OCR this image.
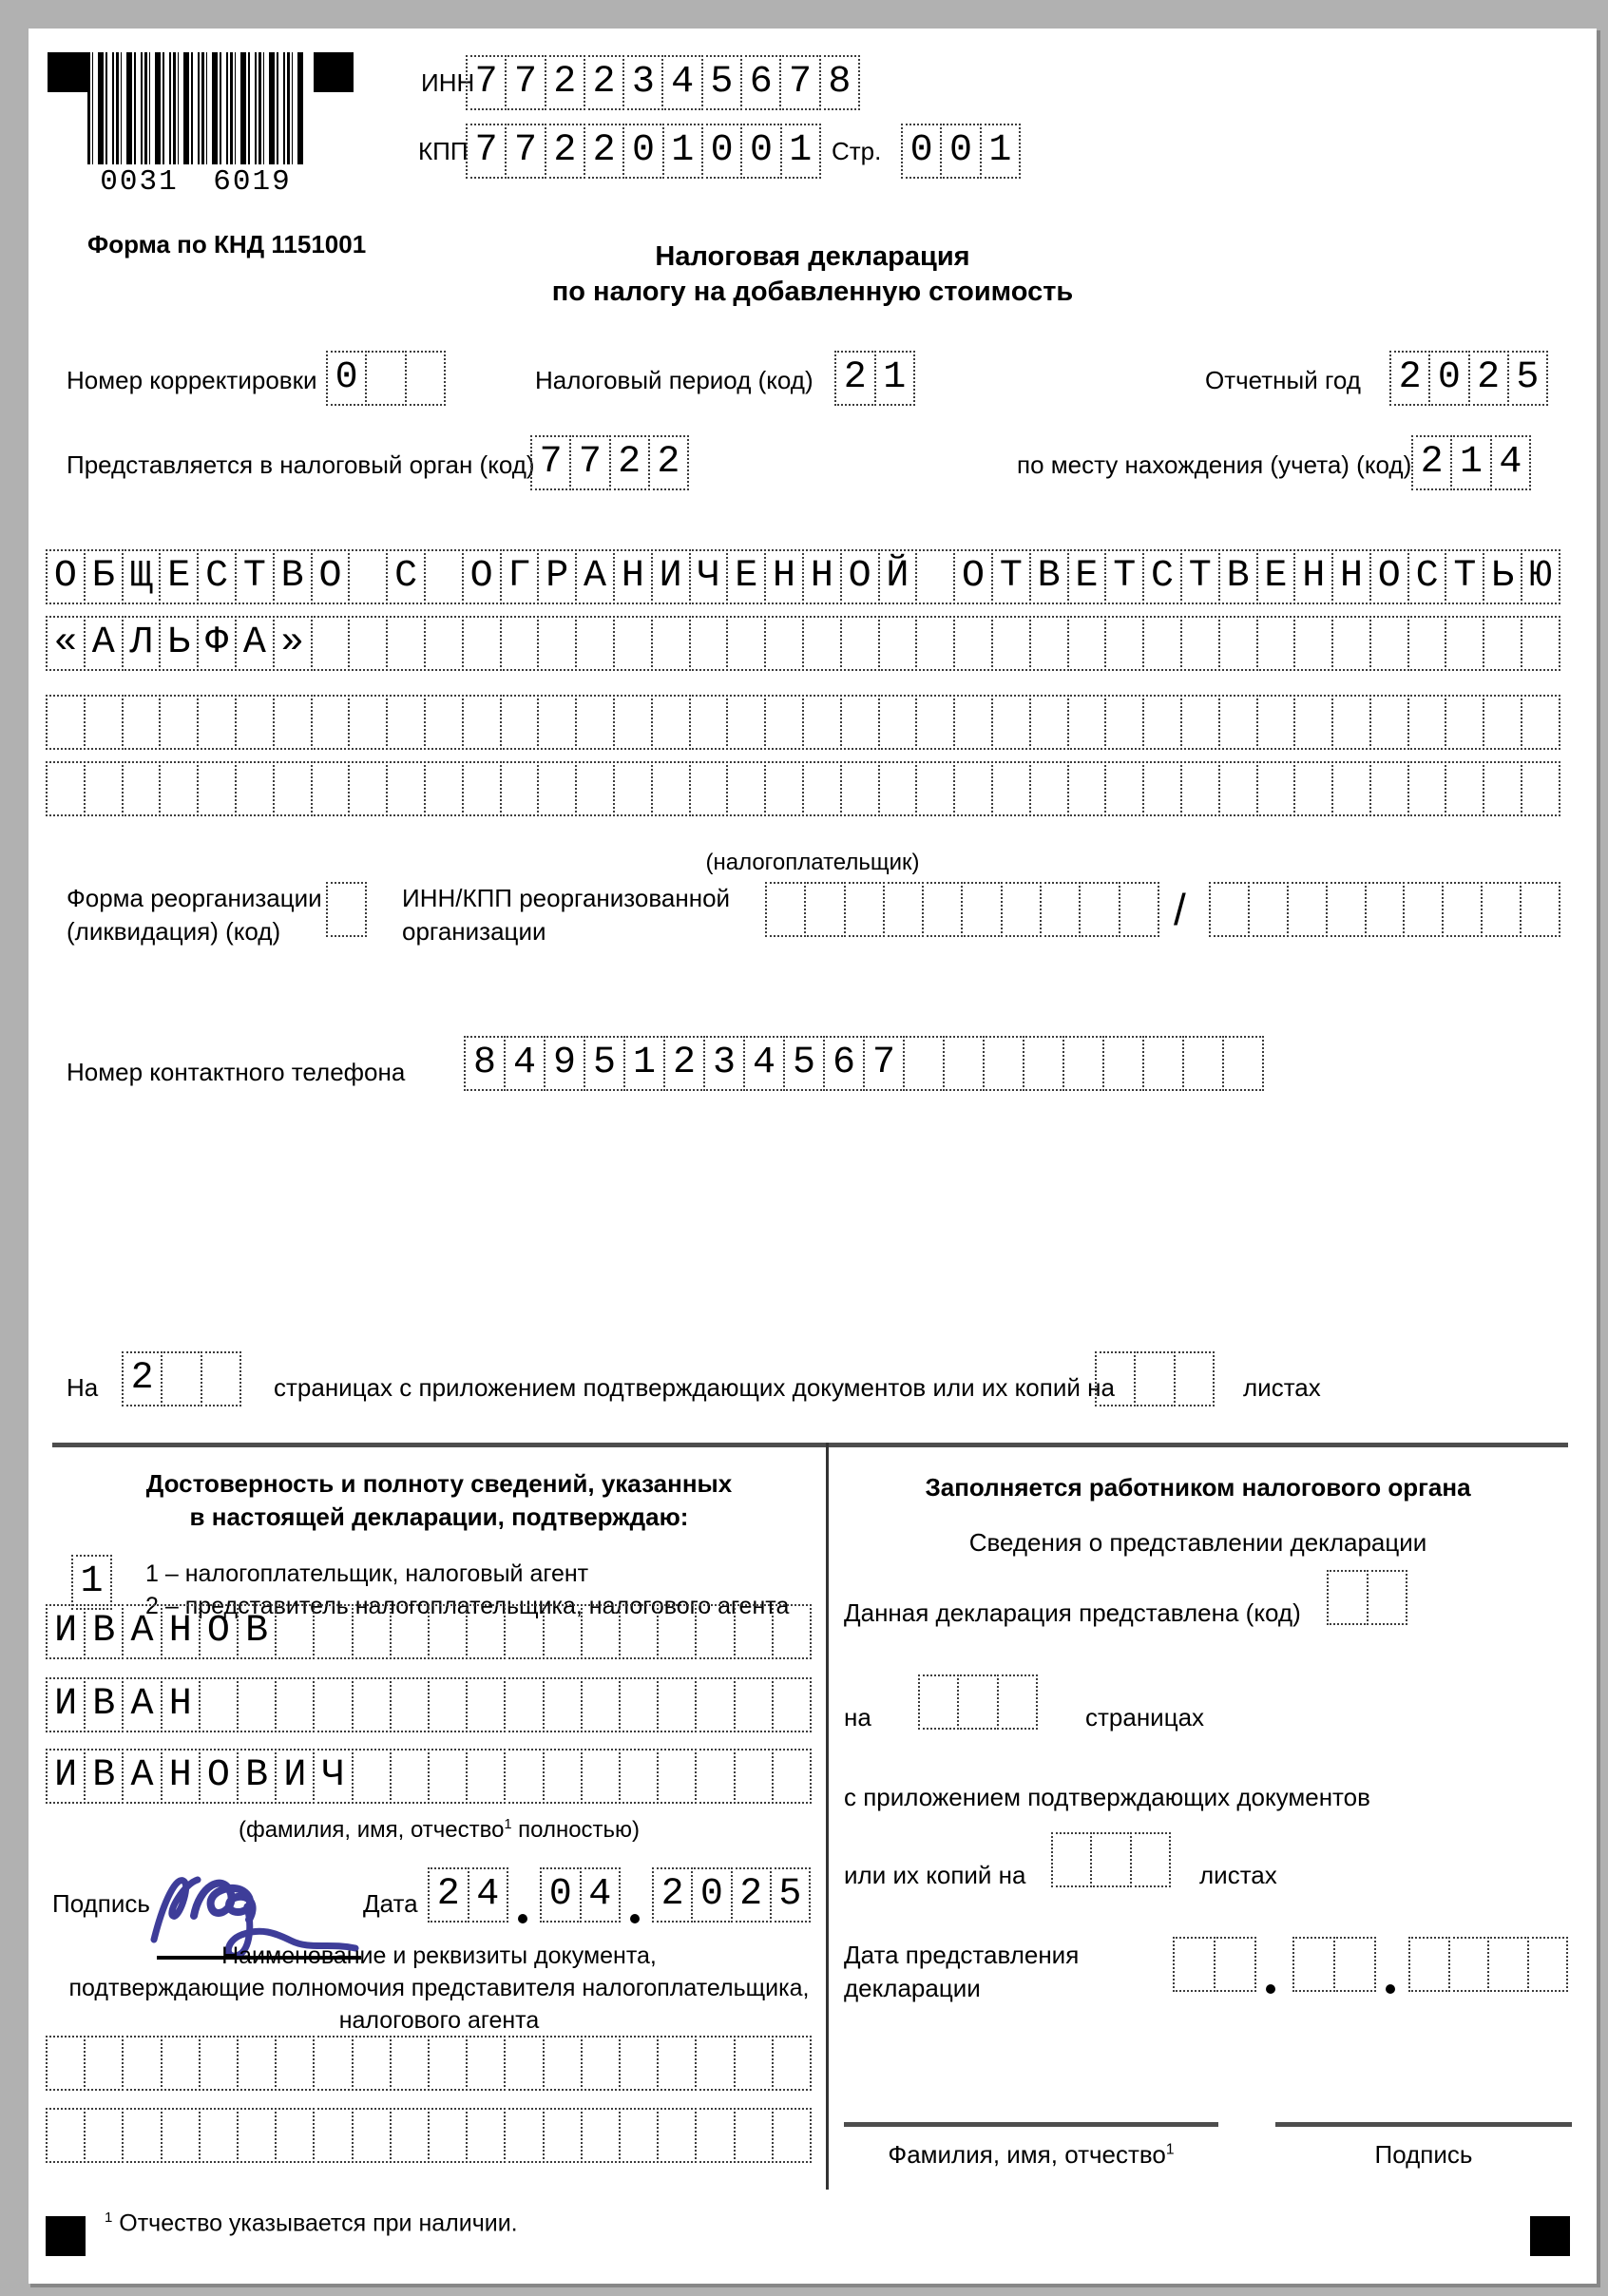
0031 6019
Форма по КНД 1151001
ИНН 7 7 2 2 3 4 5 6 7 8
КПП 7 7 2 2 0 1 0 0 1 Стр. 0 0 1
Налоговая декларация
по налогу на добавленную стоимость
Номер корректировки 0	Налоговый период (код) 2 1	Отчетный год 2 0 2 5
Представляется в налоговый орган (код) 7 7 2 2	по месту нахождения (учета) (код) 2 1 4
О Б Щ Е С Т В О С О Г Р А Н И Ч Е Н Н О Й О Т В Е Т С Т В Е Н Н О С Т Ь Ю
« А Л Ь Ф А »
(налогоплательщик)
Форма реорганизации
(ликвидация) (код)
ИНН/КПП реорганизованной
организации	/
Номер контактного телефона 8 4 9 5 1 2 3 4 5 6 7
На 2	страницах с приложением подтверждающих документов или их копий на	листах
Достоверность и полноту сведений, указанных
в настоящей декларации, подтверждаю:
1	1 – налогоплательщик, налоговый агент
2 – представитель налогоплательщика, налогового агента
И В А Н О В
И В А Н
И В А Н О В И Ч
(фамилия, имя, отчество$^1$ полностью)
Подпись	Дата 2 4 0 4 2 0 2 5
Наименование и реквизиты документа,
подтверждающие полномочия представителя налогоплательщика,
налогового агента
Заполняется работником налогового органа
Сведения о представлении декларации
Данная декларация представлена (код)
на	страницах
с приложением подтверждающих документов
или их копий на	листах
Дата представления
декларации
Фамилия, имя, отчество$^1$	Подпись
$^1$ Отчество указывается при наличии.
